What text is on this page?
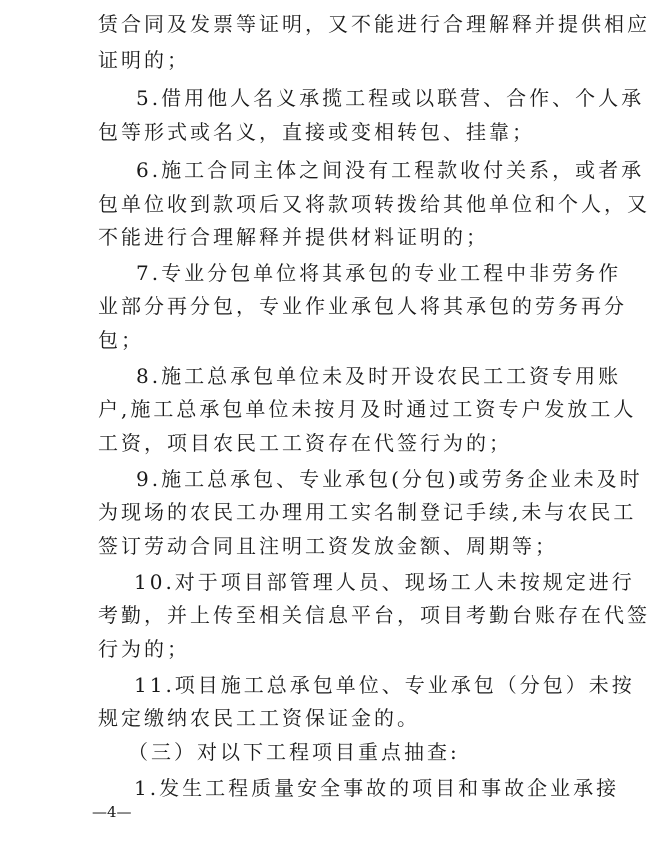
赁合同及发票等证明，又不能进行合理解释并提供相应
证明的；
5.借用他人名义承揽工程或以联营、合作、个人承
包等形式或名义，直接或变相转包、挂靠；
6.施工合同主体之间没有工程款收付关系，或者承
包单位收到款项后又将款项转拨给其他单位和个人，又
不能进行合理解释并提供材料证明的；
7.专业分包单位将其承包的专业工程中非劳务作
业部分再分包，专业作业承包人将其承包的劳务再分
包；
8.施工总承包单位未及时开设农民工工资专用账
户,施工总承包单位未按月及时通过工资专户发放工人
工资，项目农民工工资存在代签行为的；
9.施工总承包、专业承包(分包)或劳务企业未及时
为现场的农民工办理用工实名制登记手续,未与农民工
签订劳动合同且注明工资发放金额、周期等；
10.对于项目部管理人员、现场工人未按规定进行
考勤，并上传至相关信息平台，项目考勤台账存在代签
行为的；
11.项目施工总承包单位、专业承包（分包）未按
规定缴纳农民工工资保证金的。
（三）对以下工程项目重点抽查:
1.发生工程质量安全事故的项目和事故企业承接
—4—
